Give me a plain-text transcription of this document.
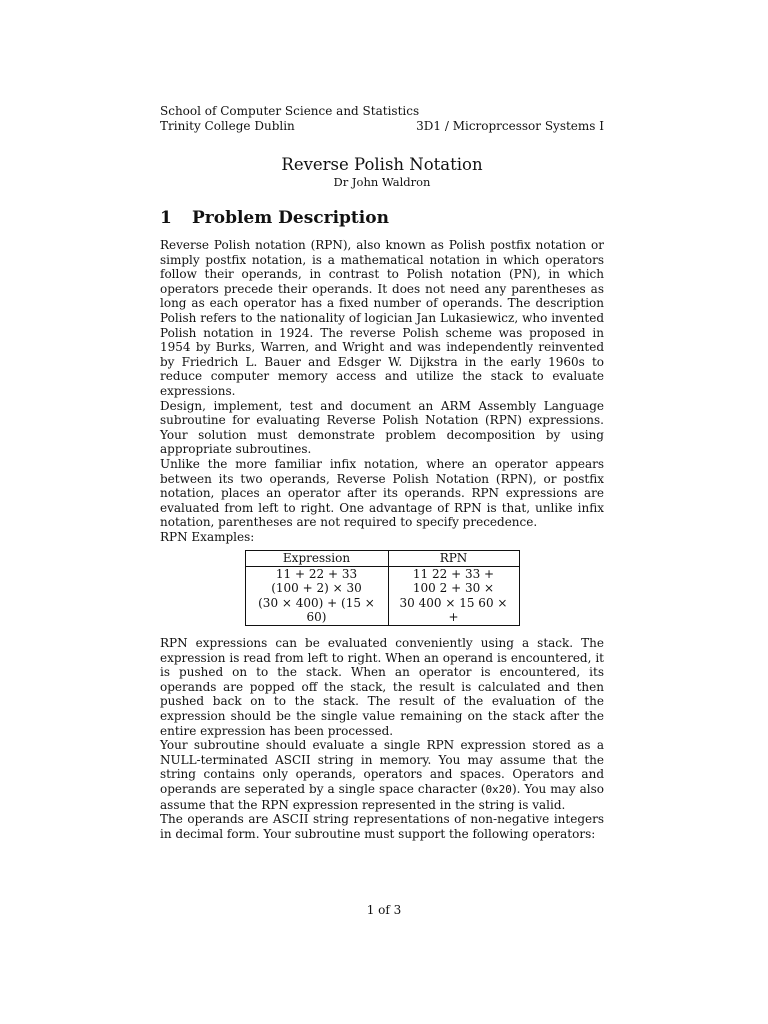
School of Computer Science and Statistics
Trinity College Dublin	3D1 / Microprcessor Systems I
Reverse Polish Notation
Dr John Waldron
1 Problem Description

Reverse Polish notation (RPN), also known as Polish postfix notation or simply postfix notation, is a mathematical notation in which operators follow their operands, in contrast to Polish notation (PN), in which operators precede their operands. It does not need any parentheses as long as each operator has a fixed number of operands. The description Polish refers to the nationality of logician Jan Lukasiewicz, who invented Polish notation in 1924. The reverse Polish scheme was proposed in 1954 by Burks, Warren, and Wright and was independently reinvented by Friedrich L. Bauer and Edsger W. Dijkstra in the early 1960s to reduce computer memory access and utilize the stack to evaluate expressions.

Design, implement, test and document an ARM Assembly Language subroutine for evaluating Reverse Polish Notation (RPN) expressions. Your solution must demonstrate problem decomposition by using appropriate subroutines.

Unlike the more familiar infix notation, where an operator appears between its two operands, Reverse Polish Notation (RPN), or postfix notation, places an operator after its operands. RPN expressions are evaluated from left to right. One advantage of RPN is that, unlike infix notation, parentheses are not required to specify precedence.

RPN Examples:

Expression	RPN
11 + 22 + 33	11 22 + 33 +
(100 + 2) × 30	100 2 + 30 ×
(30 × 400) + (15 × 60)	30 400 × 15 60 × +

RPN expressions can be evaluated conveniently using a stack. The expression is read from left to right. When an operand is encountered, it is pushed on to the stack. When an operator is encountered, its operands are popped off the stack, the result is calculated and then pushed back on to the stack. The result of the evaluation of the expression should be the single value remaining on the stack after the entire expression has been processed.

Your subroutine should evaluate a single RPN expression stored as a NULL-terminated ASCII string in memory. You may assume that the string contains only operands, operators and spaces. Operators and operands are seperated by a single space character (0x20). You may also assume that the RPN expression represented in the string is valid.

The operands are ASCII string representations of non-negative integers in decimal form. Your subroutine must support the following operators:

1 of 3
